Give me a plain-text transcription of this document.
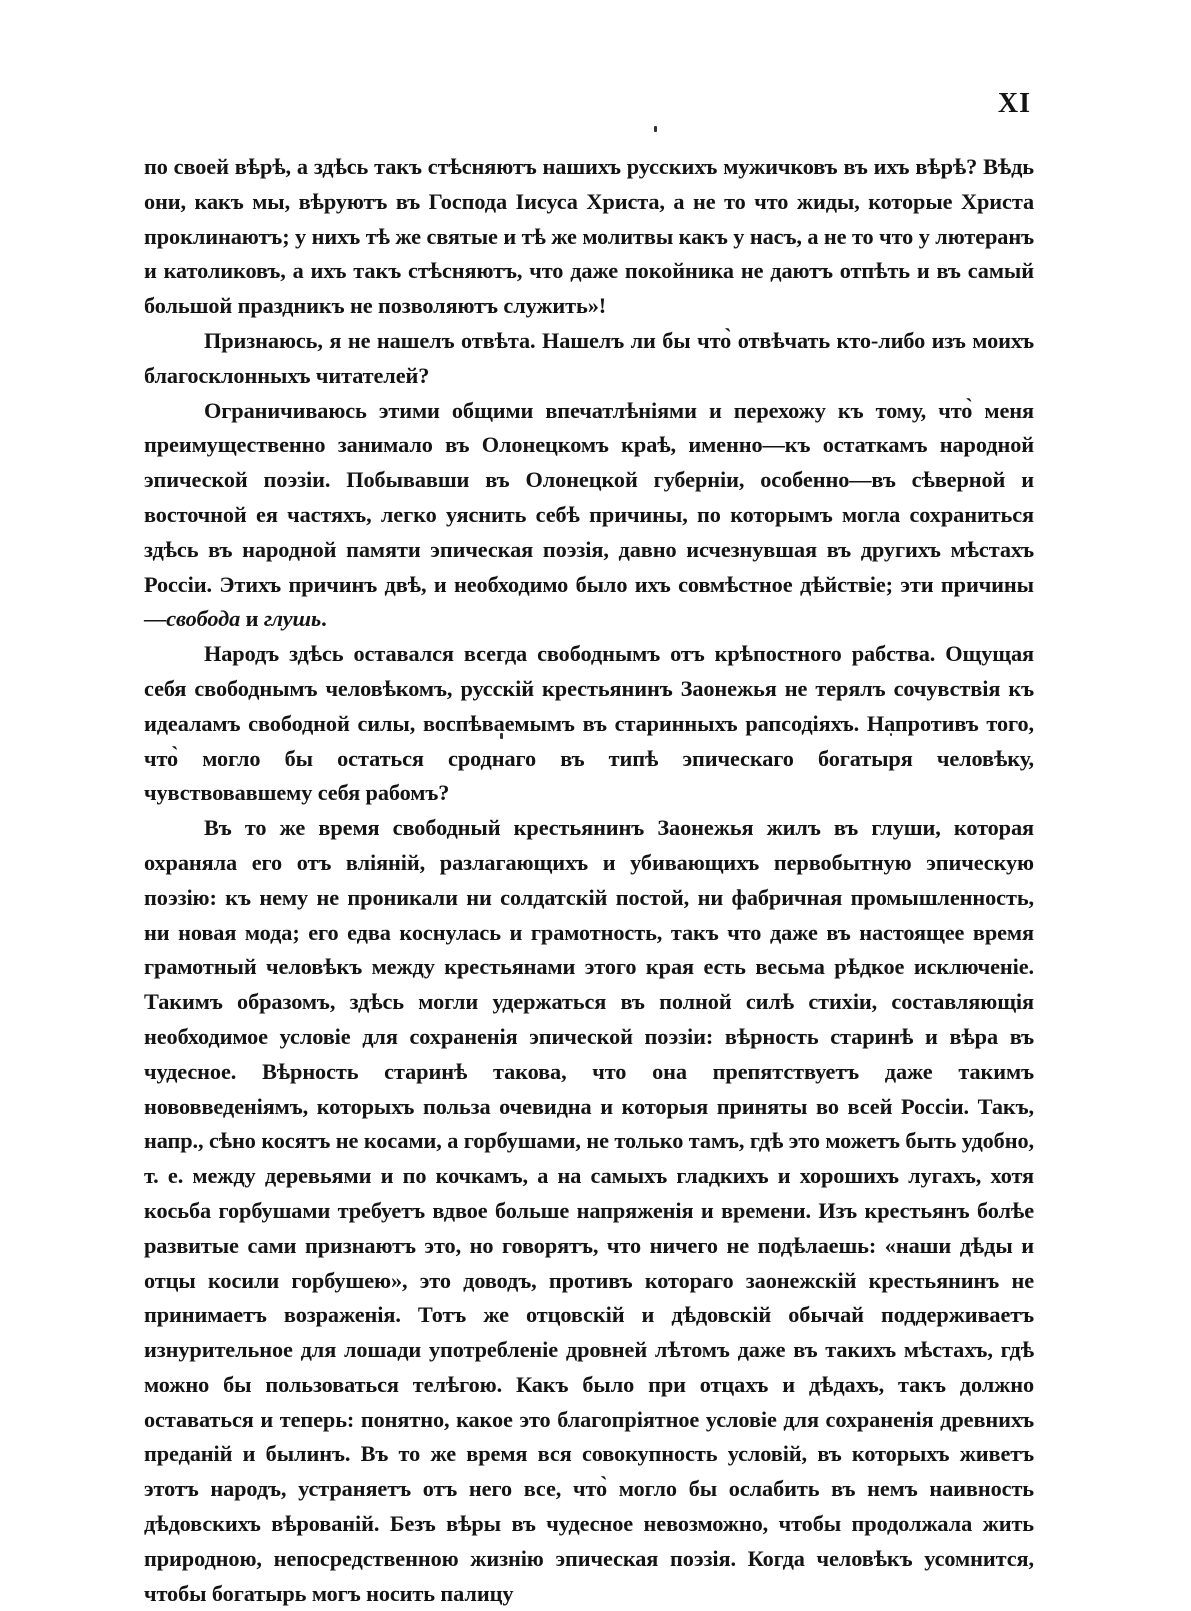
XI

по своей вѣрѣ, а здѣсь такъ стѣсняютъ нашихъ русскихъ мужичковъ въ ихъ вѣрѣ? Вѣдь они, какъ мы, вѣруютъ въ Господа Іисуса Христа, а не то что жиды, которые Христа проклинаютъ; у нихъ тѣ же святые и тѣ же молитвы какъ у насъ, а не то что у лютеранъ и католиковъ, а ихъ такъ стѣсняютъ, что даже покойника не даютъ отпѣть и въ самый большой праздникъ не позволяютъ служить»!

Признаюсь, я не нашелъ отвѣта. Нашелъ ли бы что̀ отвѣчать кто-либо изъ моихъ благосклонныхъ читателей?

Ограничиваюсь этими общими впечатлѣніями и перехожу къ тому, что̀ меня преимущественно занимало въ Олонецкомъ краѣ, именно—къ остаткамъ народной эпической поэзіи. Побывавши въ Олонецкой губерніи, особенно—въ сѣверной и восточной ея частяхъ, легко уяснить себѣ причины, по которымъ могла сохраниться здѣсь въ народной памяти эпическая поэзія, давно исчезнувшая въ другихъ мѣстахъ Россіи. Этихъ причинъ двѣ, и необходимо было ихъ совмѣстное дѣйствіе; эти причины—свобода и глушь.

Народъ здѣсь оставался всегда свободнымъ отъ крѣпостного рабства. Ощущая себя свободнымъ человѣкомъ, русскій крестьянинъ Заонежья не терялъ сочувствія къ идеаламъ свободной силы, воспѣваемымъ въ старинныхъ рапсодіяхъ. Напротивъ того, что̀ могло бы остаться сроднаго въ типѣ эпическаго богатыря человѣку, чувствовавшему себя рабомъ?

Въ то же время свободный крестьянинъ Заонежья жилъ въ глуши, которая охраняла его отъ вліяній, разлагающихъ и убивающихъ первобытную эпическую поэзію: къ нему не проникали ни солдатскій постой, ни фабричная промышленность, ни новая мода; его едва коснулась и грамотность, такъ что даже въ настоящее время грамотный человѣкъ между крестьянами этого края есть весьма рѣдкое исключеніе. Такимъ образомъ, здѣсь могли удержаться въ полной силѣ стихіи, составляющія необходимое условіе для сохраненія эпической поэзіи: вѣрность старинѣ и вѣра въ чудесное. Вѣрность старинѣ такова, что она препятствуетъ даже такимъ нововведеніямъ, которыхъ польза очевидна и которыя приняты во всей Россіи. Такъ, напр., сѣно косятъ не косами, а горбушами, не только тамъ, гдѣ это можетъ быть удобно, т. е. между деревьями и по кочкамъ, а на самыхъ гладкихъ и хорошихъ лугахъ, хотя косьба горбушами требуетъ вдвое больше напряженія и времени. Изъ крестьянъ болѣе развитые сами признаютъ это, но говорятъ, что ничего не подѣлаешь: «наши дѣды и отцы косили горбушею», это доводъ, противъ котораго заонежскій крестьянинъ не принимаетъ возраженія. Тотъ же отцовскій и дѣдовскій обычай поддерживаетъ изнурительное для лошади употребленіе дровней лѣтомъ даже въ такихъ мѣстахъ, гдѣ можно бы пользоваться телѣгою. Какъ было при отцахъ и дѣдахъ, такъ должно оставаться и теперь: понятно, какое это благопріятное условіе для сохраненія древнихъ преданій и былинъ. Въ то же время вся совокупность условій, въ которыхъ живетъ этотъ народъ, устраняетъ отъ него все, что̀ могло бы ослабить въ немъ наивность дѣдовскихъ вѣрованій. Безъ вѣры въ чудесное невозможно, чтобы продолжала жить природною, непосредственною жизнію эпическая поэзія. Когда человѣкъ усомнится, чтобы богатырь могъ носить палицу
